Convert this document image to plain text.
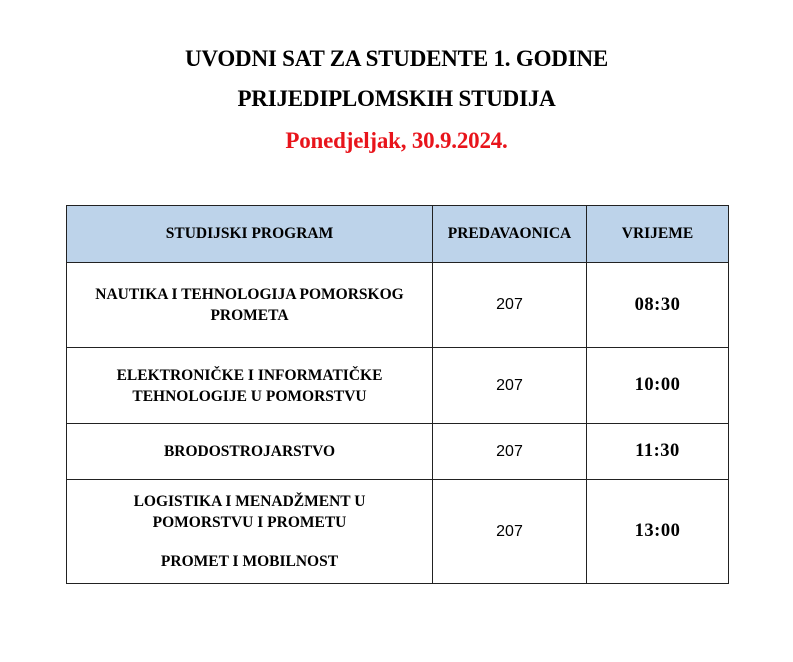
UVODNI SAT ZA STUDENTE 1. GODINE
PRIJEDIPLOMSKIH STUDIJA
Ponedjeljak, 30.9.2024.
STUDIJSKI PROGRAM	PREDAVAONICA	VRIJEME

NAUTIKA I TEHNOLOGIJA POMORSKOG
PROMETA	207	08:30

ELEKTRONIČKE I INFORMATIČKE
TEHNOLOGIJE U POMORSTVU	207	10:00

BRODOSTROJARSTVO	207	11:30

LOGISTIKA I MENADŽMENT U
POMORSTVU I PROMETU
PROMET I MOBILNOST	207	13:00
